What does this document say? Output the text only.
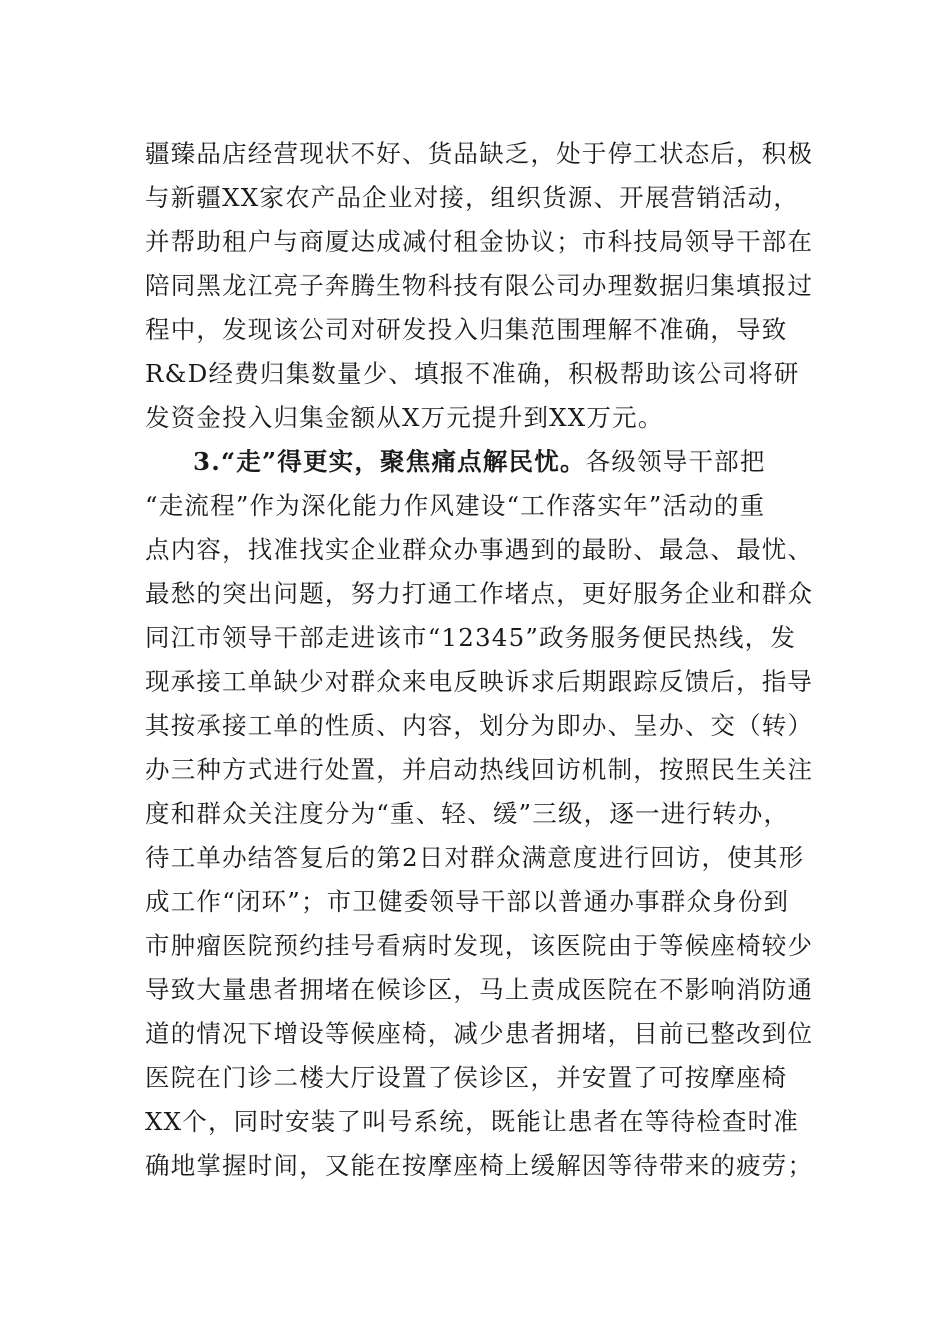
疆臻品店经营现状不好、货品缺乏，处于停工状态后，积极
与新疆XX家农产品企业对接，组织货源、开展营销活动，
并帮助租户与商厦达成减付租金协议；市科技局领导干部在
陪同黑龙江亮子奔腾生物科技有限公司办理数据归集填报过
程中，发现该公司对研发投入归集范围理解不准确，导致
R&D经费归集数量少、填报不准确，积极帮助该公司将研
发资金投入归集金额从X万元提升到XX万元。
3.“走”得更实，聚焦痛点解民忧。各级领导干部把
“走流程”作为深化能力作风建设“工作落实年”活动的重
点内容，找准找实企业群众办事遇到的最盼、最急、最忧、
最愁的突出问题，努力打通工作堵点，更好服务企业和群众
同江市领导干部走进该市“12345”政务服务便民热线，发
现承接工单缺少对群众来电反映诉求后期跟踪反馈后，指导
其按承接工单的性质、内容，划分为即办、呈办、交（转）
办三种方式进行处置，并启动热线回访机制，按照民生关注
度和群众关注度分为“重、轻、缓”三级，逐一进行转办，
待工单办结答复后的第2日对群众满意度进行回访，使其形
成工作“闭环”；市卫健委领导干部以普通办事群众身份到
市肿瘤医院预约挂号看病时发现，该医院由于等候座椅较少
导致大量患者拥堵在候诊区，马上责成医院在不影响消防通
道的情况下增设等候座椅，减少患者拥堵，目前已整改到位
医院在门诊二楼大厅设置了侯诊区，并安置了可按摩座椅
XX个，同时安装了叫号系统，既能让患者在等待检查时准
确地掌握时间，又能在按摩座椅上缓解因等待带来的疲劳；
